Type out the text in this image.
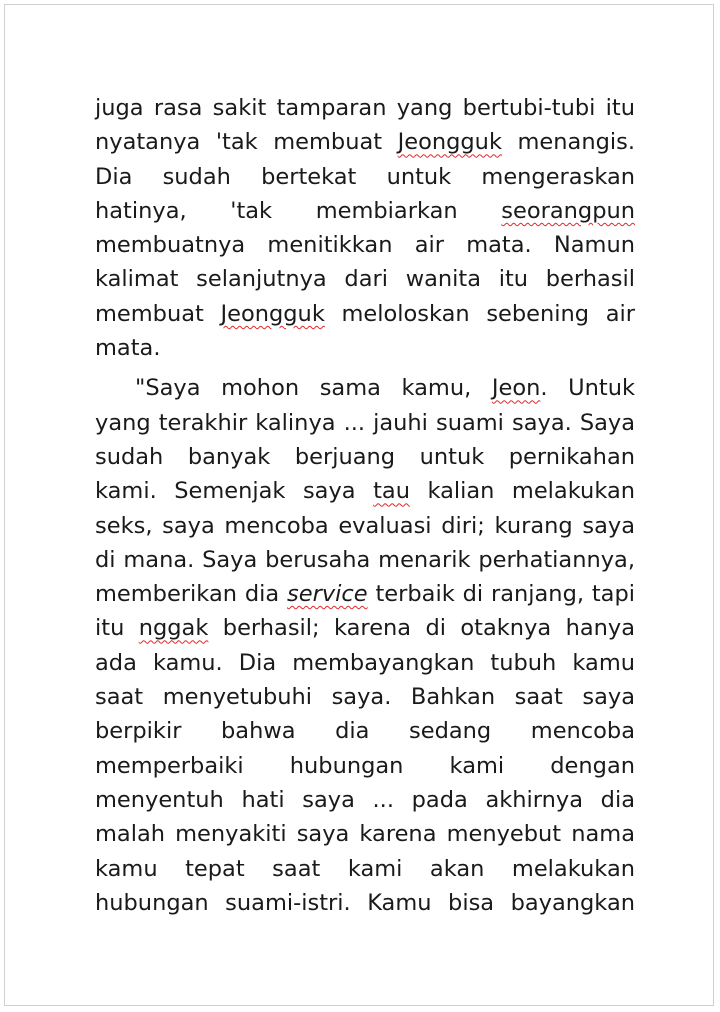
juga rasa sakit tamparan yang bertubi-tubi itu
nyatanya 'tak membuat Jeongguk menangis.
Dia sudah bertekat untuk mengeraskan
hatinya, 'tak membiarkan seorangpun
membuatnya menitikkan air mata. Namun
kalimat selanjutnya dari wanita itu berhasil
membuat Jeongguk meloloskan sebening air
mata.
"Saya mohon sama kamu, Jeon. Untuk
yang terakhir kalinya ... jauhi suami saya. Saya
sudah banyak berjuang untuk pernikahan
kami. Semenjak saya tau kalian melakukan
seks, saya mencoba evaluasi diri; kurang saya
di mana. Saya berusaha menarik perhatiannya,
memberikan dia service terbaik di ranjang, tapi
itu nggak berhasil; karena di otaknya hanya
ada kamu. Dia membayangkan tubuh kamu
saat menyetubuhi saya. Bahkan saat saya
berpikir bahwa dia sedang mencoba
memperbaiki hubungan kami dengan
menyentuh hati saya ... pada akhirnya dia
malah menyakiti saya karena menyebut nama
kamu tepat saat kami akan melakukan
hubungan suami-istri. Kamu bisa bayangkan
